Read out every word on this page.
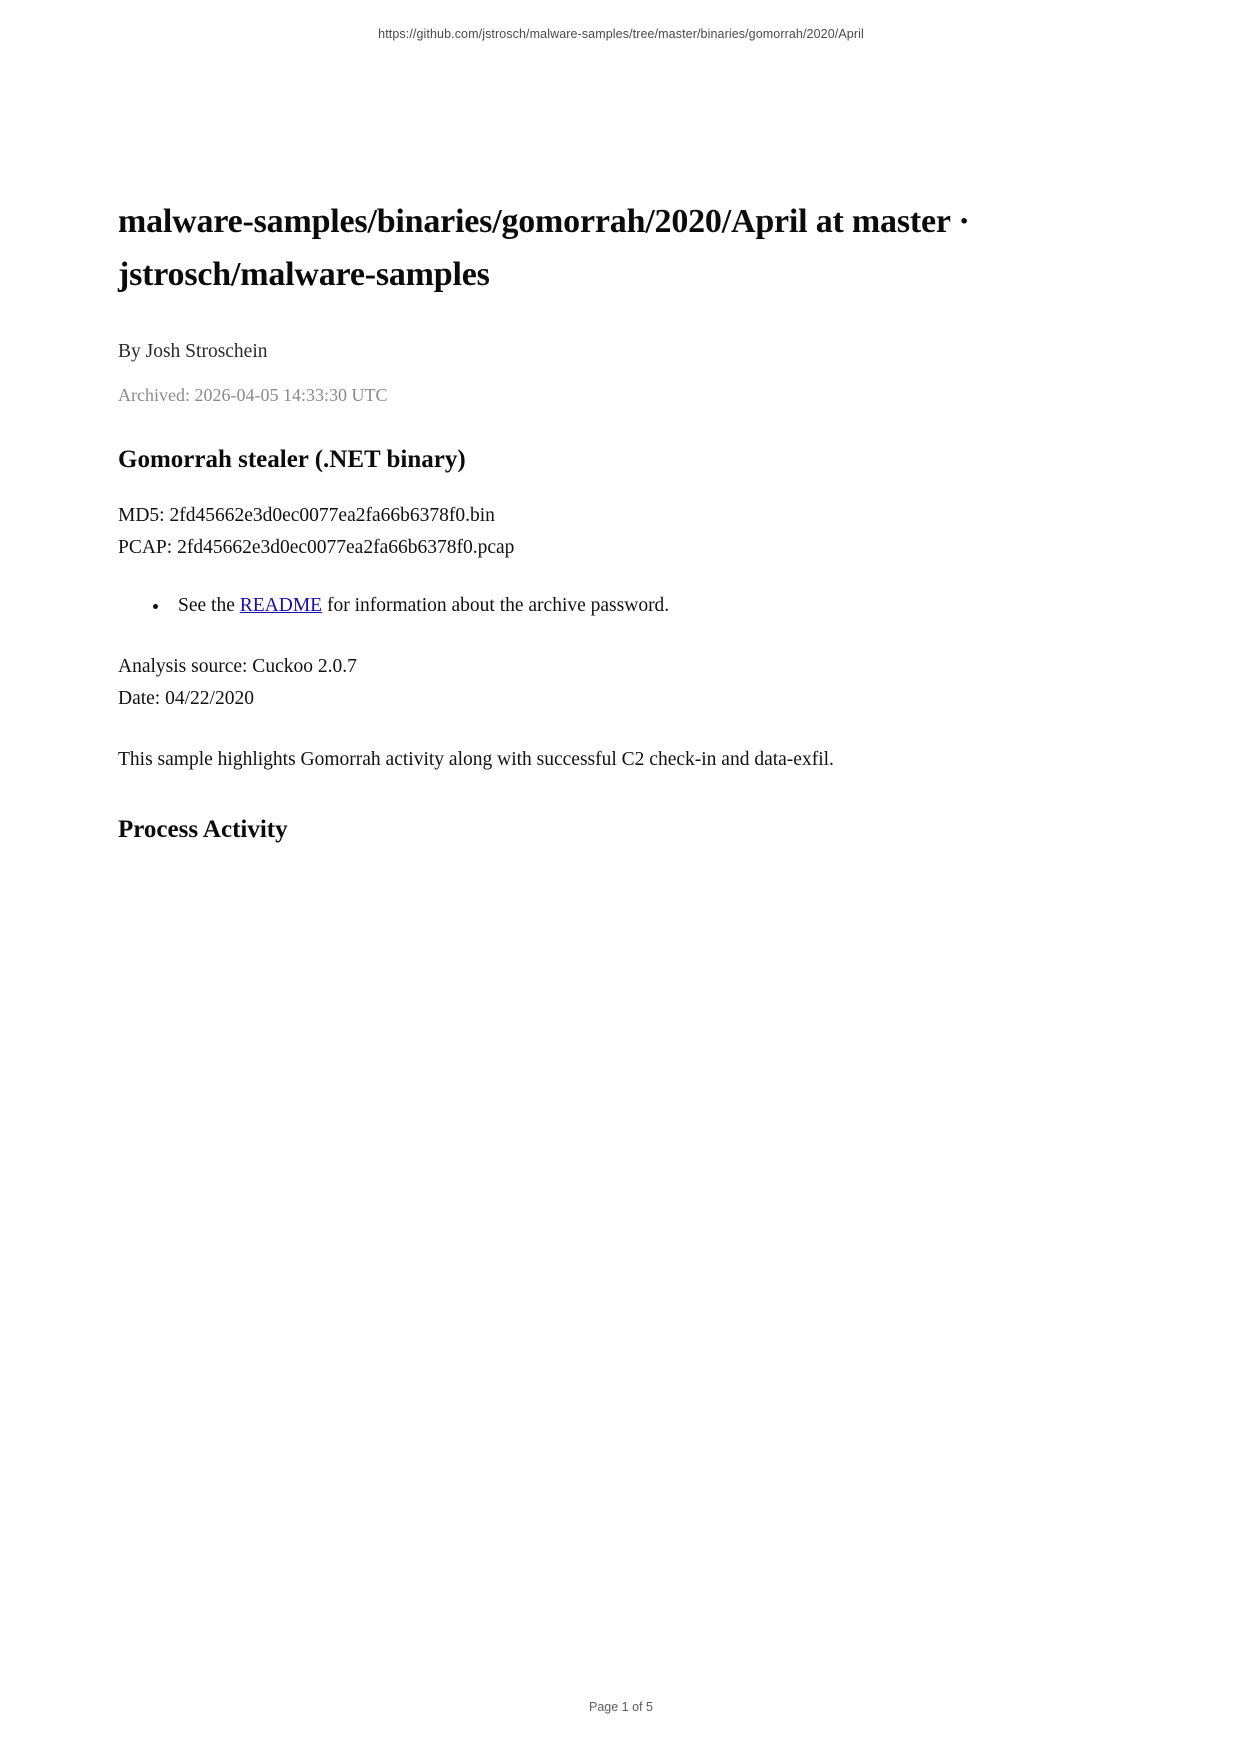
https://github.com/jstrosch/malware-samples/tree/master/binaries/gomorrah/2020/April
malware-samples/binaries/gomorrah/2020/April at master · jstrosch/malware-samples
By Josh Stroschein
Archived: 2026-04-05 14:33:30 UTC
Gomorrah stealer (.NET binary)
MD5: 2fd45662e3d0ec0077ea2fa66b6378f0.bin
PCAP: 2fd45662e3d0ec0077ea2fa66b6378f0.pcap
• See the README for information about the archive password.
Analysis source: Cuckoo 2.0.7
Date: 04/22/2020
This sample highlights Gomorrah activity along with successful C2 check-in and data-exfil.
Process Activity
Page 1 of 5
